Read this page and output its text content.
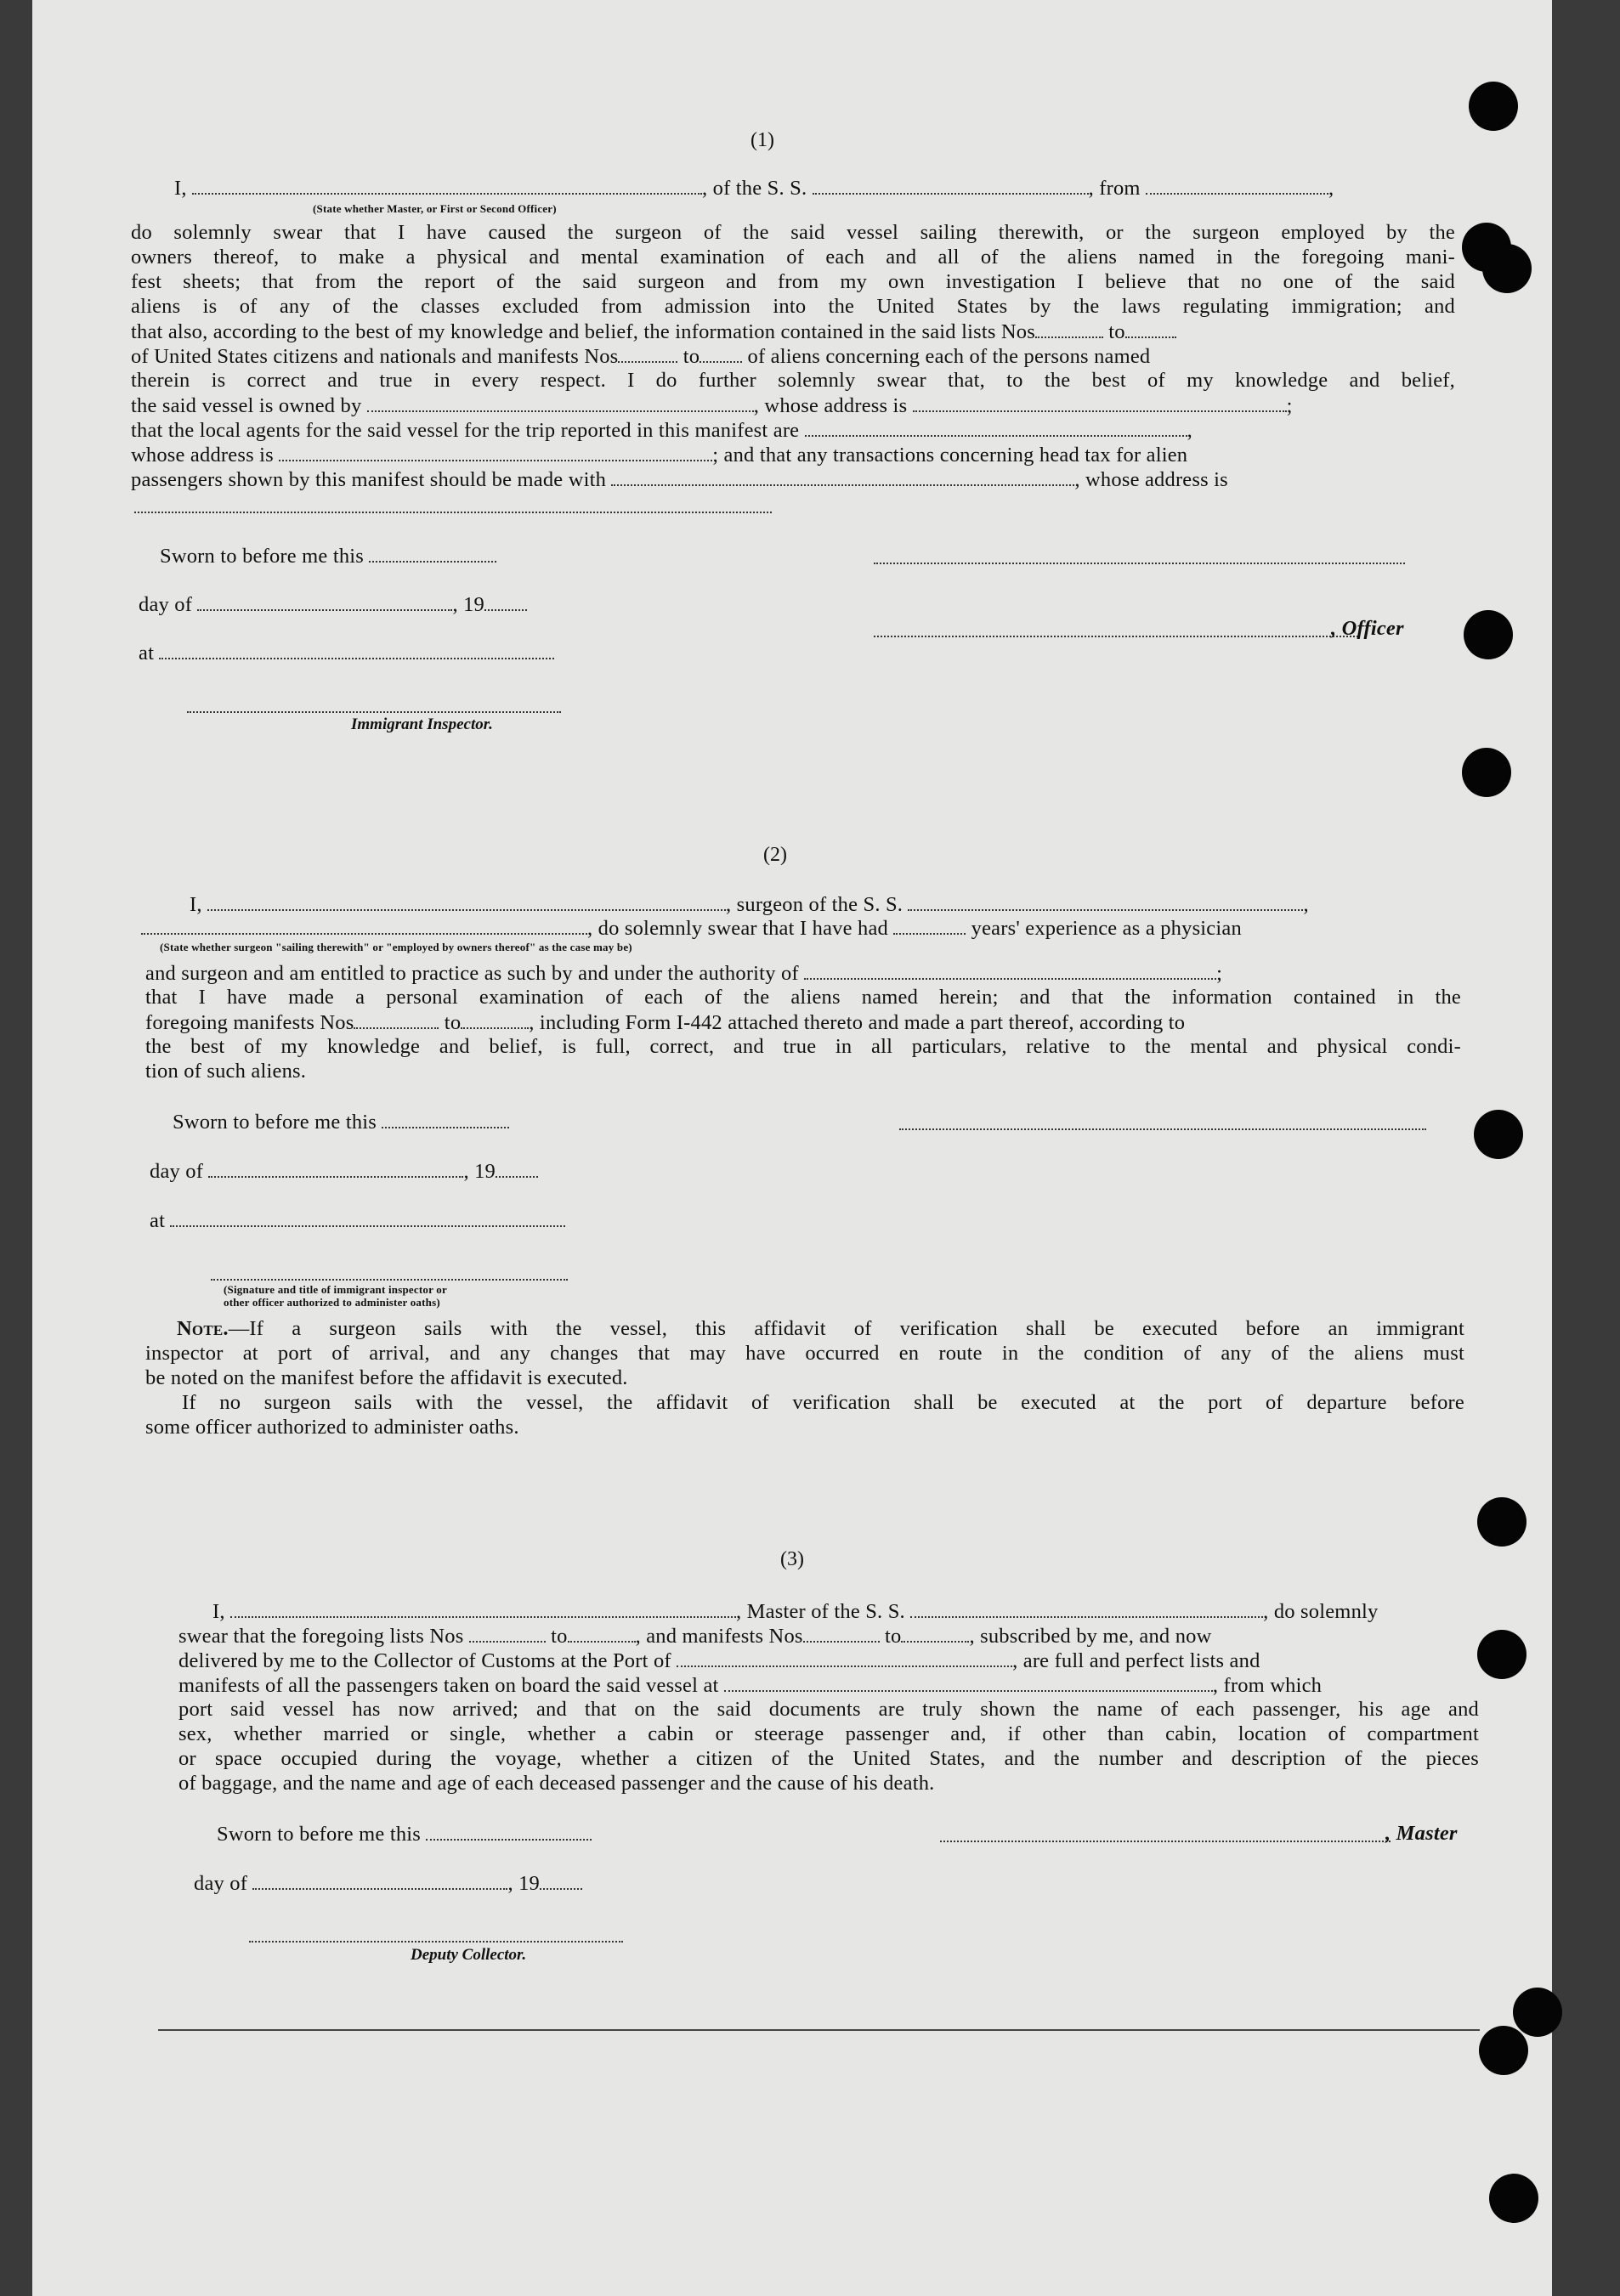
(1)
I,	, of the S. S.	, from	,
(State whether Master, or First or Second Officer)
do solemnly swear that I have caused the surgeon of the said vessel sailing therewith, or the surgeon employed by the
owners thereof, to make a physical and mental examination of each and all of the aliens named in the foregoing mani-
fest sheets; that from the report of the said surgeon and from my own investigation I believe that no one of the said
aliens is of any of the classes excluded from admission into the United States by the laws regulating immigration; and
that also, according to the best of my knowledge and belief, the information contained in the said lists Nos	to
of United States citizens and nationals and manifests Nos	to of aliens concerning each of the persons named
therein is correct and true in every respect. I do further solemnly swear that, to the best of my knowledge and belief,
the said vessel is owned by	, whose address is	;
that the local agents for the said vessel for the trip reported in this manifest are	,
whose address is	; and that any transactions concerning head tax for alien
passengers shown by this manifest should be made with	, whose address is
Sworn to before me this
day of	, 19
, Officer
at
Immigrant Inspector.
(2)
I,	, surgeon of the S. S.	,
, do solemnly swear that I have had	years' experience as a physician
(State whether surgeon "sailing therewith" or "employed by owners thereof" as the case may be)
and surgeon and am entitled to practice as such by and under the authority of	;
that I have made a personal examination of each of the aliens named herein; and that the information contained in the
foregoing manifests Nos	to	, including Form I-442 attached thereto and made a part thereof, according to
the best of my knowledge and belief, is full, correct, and true in all particulars, relative to the mental and physical condi-
tion of such aliens.
Sworn to before me this
day of	, 19
at
(Signature and title of immigrant inspector or
other officer authorized to administer oaths)
Note.—If a surgeon sails with the vessel, this affidavit of verification shall be executed before an immigrant
inspector at port of arrival, and any changes that may have occurred en route in the condition of any of the aliens must
be noted on the manifest before the affidavit is executed.
If no surgeon sails with the vessel, the affidavit of verification shall be executed at the port of departure before
some officer authorized to administer oaths.
(3)
I,	, Master of the S. S.	, do solemnly
swear that the foregoing lists Nos	to	, and manifests Nos	to	, subscribed by me, and now
delivered by me to the Collector of Customs at the Port of	, are full and perfect lists and
manifests of all the passengers taken on board the said vessel at	, from which
port said vessel has now arrived; and that on the said documents are truly shown the name of each passenger, his age and
sex, whether married or single, whether a cabin or steerage passenger and, if other than cabin, location of compartment
or space occupied during the voyage, whether a citizen of the United States, and the number and description of the pieces
of baggage, and the name and age of each deceased passenger and the cause of his death.
Sworn to before me this	, Master
day of	, 19
Deputy Collector.
